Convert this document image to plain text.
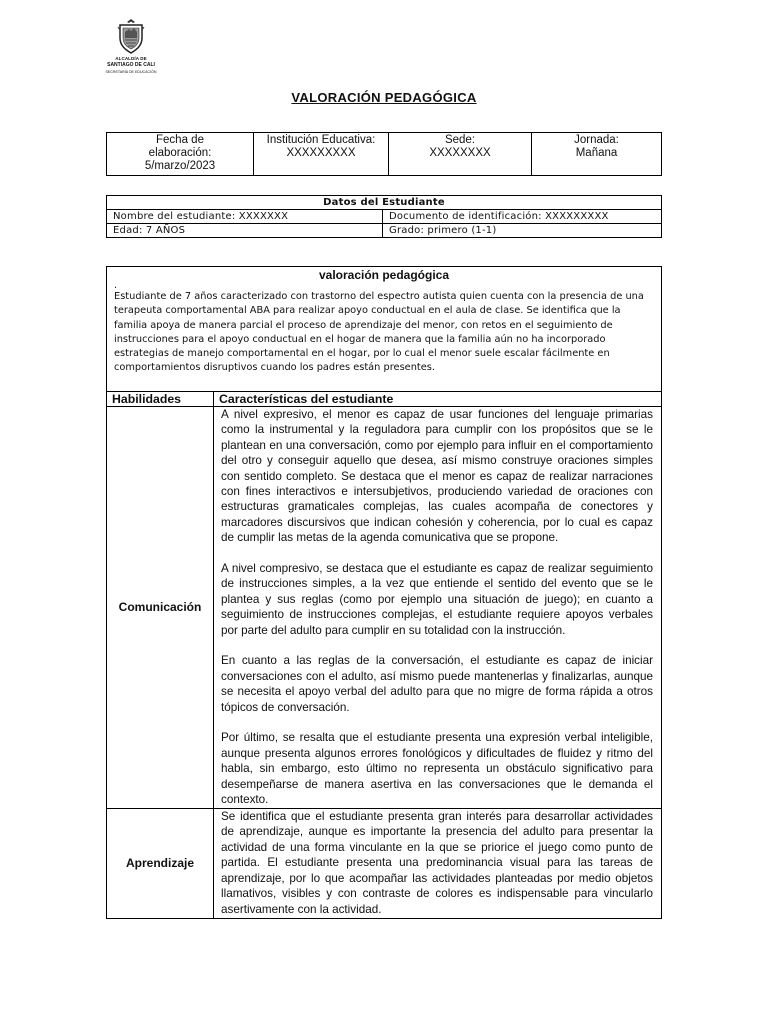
ALCALDÍA DE
SANTIAGO DE CALI
SECRETARÍA DE EDUCACIÓN
VALORACIÓN PEDAGÓGICA
Fecha de elaboración:
5/marzo/2023

Institución Educativa:
XXXXXXXXX

Sede:
XXXXXXXX

Jornada:
Mañana
Datos del Estudiante	
Nombre del estudiante: XXXXXXX	Documento de identificación: XXXXXXXXX
Edad: 7 AÑOS	Grado: primero (1-1)
valoración pedagógica
.
Estudiante de 7 años caracterizado con trastorno del espectro autista quien cuenta con la presencia de una terapeuta comportamental ABA para realizar apoyo conductual en el aula de clase. Se identifica que la familia apoya de manera parcial el proceso de aprendizaje del menor, con retos en el seguimiento de instrucciones para el apoyo conductual en el hogar de manera que la familia aún no ha incorporado estrategias de manejo comportamental en el hogar, por lo cual el menor suele escalar fácilmente en comportamientos disruptivos cuando los padres están presentes.	

Habilidades	Características del estudiante
Comunicación	A nivel expresivo, el menor es capaz de usar funciones del lenguaje primarias como la instrumental y la reguladora para cumplir con los propósitos que se le plantean en una conversación, como por ejemplo para influir en el comportamiento del otro y conseguir aquello que desea, así mismo construye oraciones simples con sentido completo. Se destaca que el menor es capaz de realizar narraciones con fines interactivos e intersubjetivos, produciendo variedad de oraciones con estructuras gramaticales complejas, las cuales acompaña de conectores y marcadores discursivos que indican cohesión y coherencia, por lo cual es capaz de cumplir las metas de la agenda comunicativa que se propone.

A nivel compresivo, se destaca que el estudiante es capaz de realizar seguimiento de instrucciones simples, a la vez que entiende el sentido del evento que se le plantea y sus reglas (como por ejemplo una situación de juego); en cuanto a seguimiento de instrucciones complejas, el estudiante requiere apoyos verbales por parte del adulto para cumplir en su totalidad con la instrucción.

En cuanto a las reglas de la conversación, el estudiante es capaz de iniciar conversaciones con el adulto, así mismo puede mantenerlas y finalizarlas, aunque se necesita el apoyo verbal del adulto para que no migre de forma rápida a otros tópicos de conversación.

Por último, se resalta que el estudiante presenta una expresión verbal inteligible, aunque presenta algunos errores fonológicos y dificultades de fluidez y ritmo del habla, sin embargo, esto último no representa un obstáculo significativo para desempeñarse de manera asertiva en las conversaciones que le demanda el contexto.

Aprendizaje	Se identifica que el estudiante presenta gran interés para desarrollar actividades de aprendizaje, aunque es importante la presencia del adulto para presentar la actividad de una forma vinculante en la que se priorice el juego como punto de partida. El estudiante presenta una predominancia visual para las tareas de aprendizaje, por lo que acompañar las actividades planteadas por medio objetos llamativos, visibles y con contraste de colores es indispensable para vincularlo asertivamente con la actividad.
